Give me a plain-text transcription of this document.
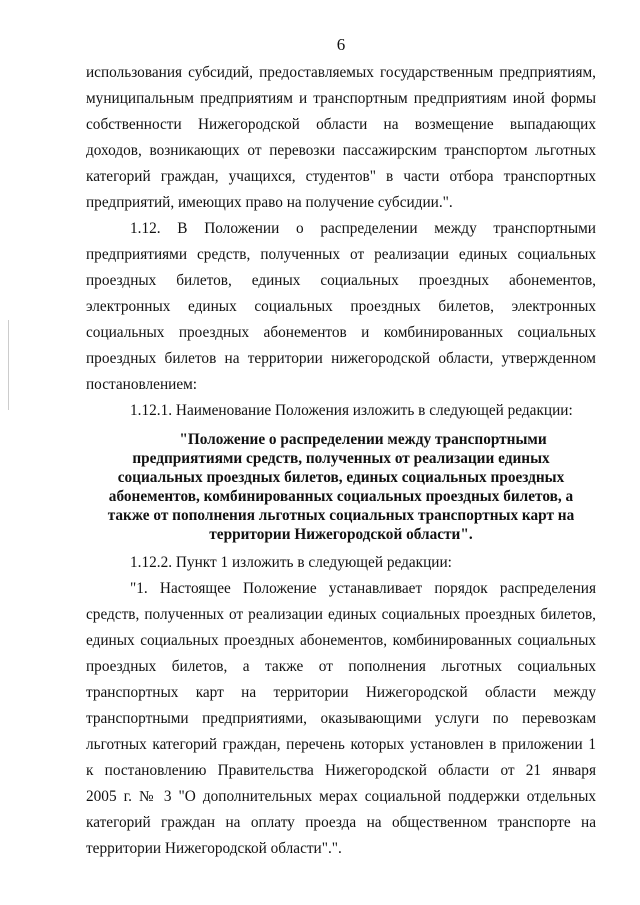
6
использования субсидий, предоставляемых государственным предприятиям,
муниципальным предприятиям и транспортным предприятиям иной формы
собственности Нижегородской области на возмещение выпадающих
доходов, возникающих от перевозки пассажирским транспортом льготных
категорий граждан, учащихся, студентов" в части отбора транспортных
предприятий, имеющих право на получение субсидии.".
1.12. В Положении о распределении между транспортными
предприятиями средств, полученных от реализации единых социальных
проездных билетов, единых социальных проездных абонементов,
электронных единых социальных проездных билетов, электронных
социальных проездных абонементов и комбинированных социальных
проездных билетов на территории нижегородской области, утвержденном
постановлением:
1.12.1. Наименование Положения изложить в следующей редакции:
"Положение о распределении между транспортными
предприятиями средств, полученных от реализации единых
социальных проездных билетов, единых социальных проездных
абонементов, комбинированных социальных проездных билетов, а
также от пополнения льготных социальных транспортных карт на
территории Нижегородской области".
1.12.2. Пункт 1 изложить в следующей редакции:
"1. Настоящее Положение устанавливает порядок распределения
средств, полученных от реализации единых социальных проездных билетов,
единых социальных проездных абонементов, комбинированных социальных
проездных билетов, а также от пополнения льготных социальных
транспортных карт на территории Нижегородской области между
транспортными предприятиями, оказывающими услуги по перевозкам
льготных категорий граждан, перечень которых установлен в приложении 1
к постановлению Правительства Нижегородской области от 21 января
2005 г. № 3 "О дополнительных мерах социальной поддержки отдельных
категорий граждан на оплату проезда на общественном транспорте на
территории Нижегородской области".".
